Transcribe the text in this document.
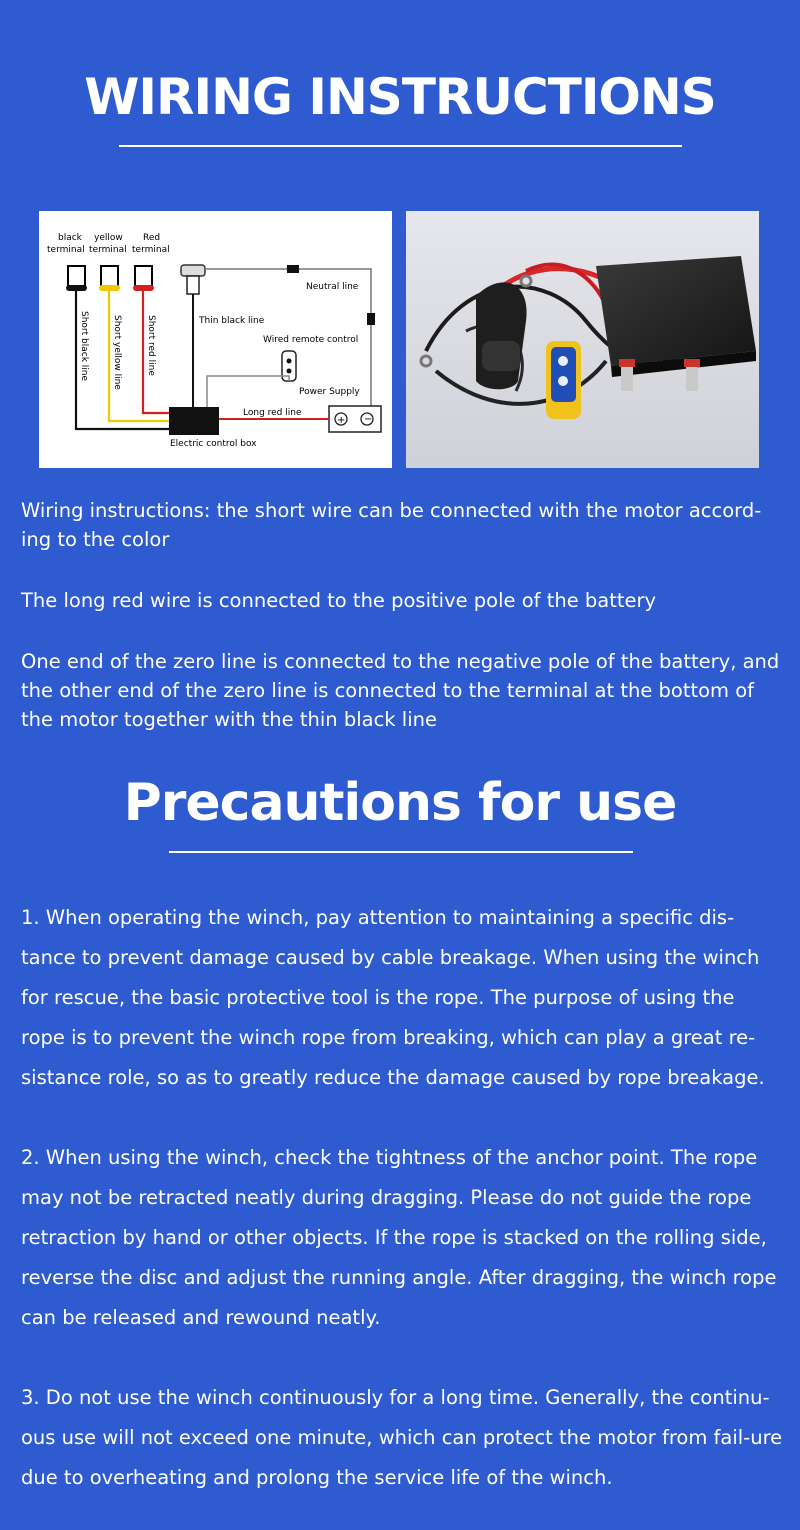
WIRING INSTRUCTIONS
black yellow Red
terminal terminal terminal
Short black line	Short yellow line	Short red line	Thin black line
Neutral line
Wired remote control
Power Supply
+ −
Long red line
Electric control box
Wiring instructions: the short wire can be connected with the motor accord-ing to the color
The long red wire is connected to the positive pole of the battery
One end of the zero line is connected to the negative pole of the battery, and the other end of the zero line is connected to the terminal at the bottom of the motor together with the thin black line
Precautions for use
1. When operating the winch, pay attention to maintaining a specific dis-tance to prevent damage caused by cable breakage. When using the winch for rescue, the basic protective tool is the rope. The purpose of using the rope is to prevent the winch rope from breaking, which can play a great re-sistance role, so as to greatly reduce the damage caused by rope breakage.
2. When using the winch, check the tightness of the anchor point. The rope may not be retracted neatly during dragging. Please do not guide the rope retraction by hand or other objects. If the rope is stacked on the rolling side, reverse the disc and adjust the running angle. After dragging, the winch rope can be released and rewound neatly.
3. Do not use the winch continuously for a long time. Generally, the continu-ous use will not exceed one minute, which can protect the motor from fail-ure due to overheating and prolong the service life of the winch.
